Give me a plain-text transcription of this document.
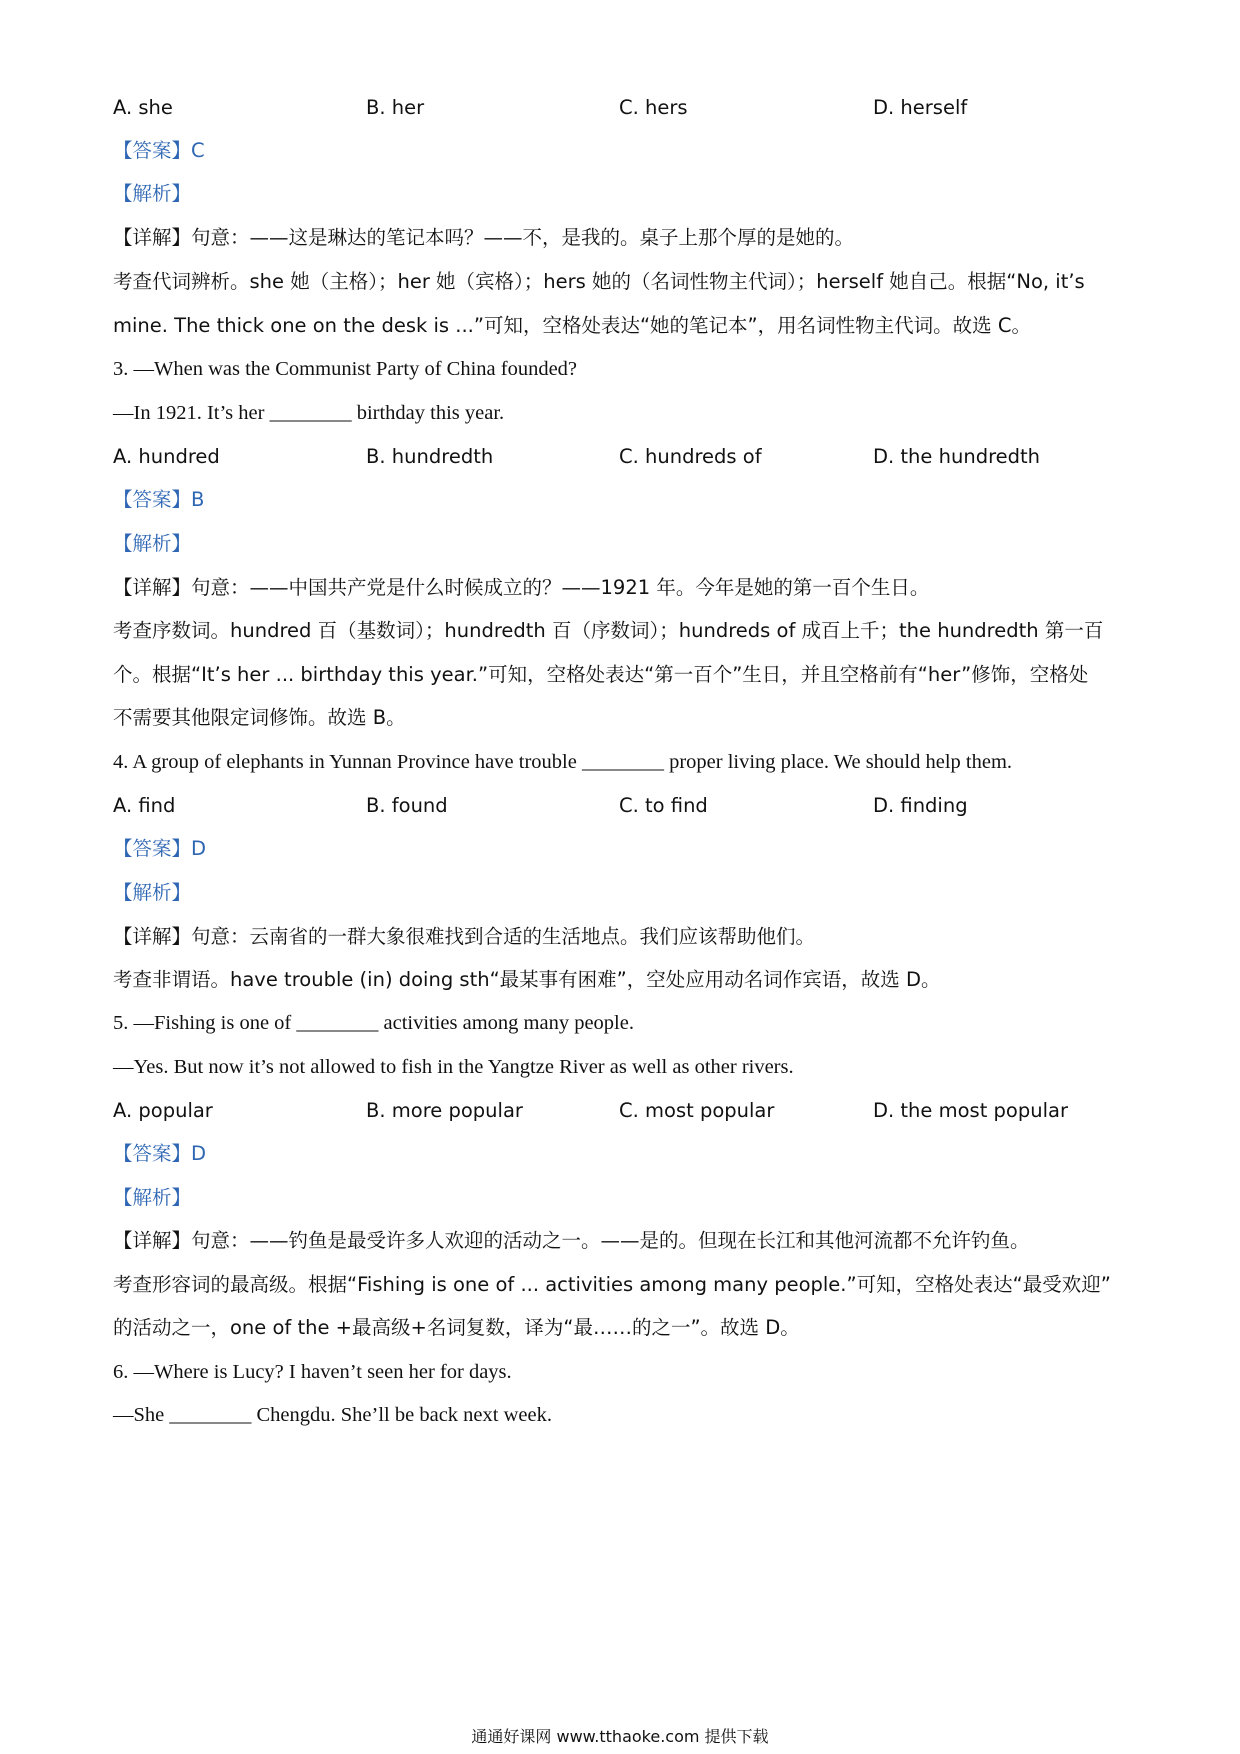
A. she	B. her	C. hers	D. herself
【答案】C
【解析】
【详解】句意：——这是琳达的笔记本吗？——不，是我的。桌子上那个厚的是她的。
考查代词辨析。she 她（主格）；her 她（宾格）；hers 她的（名词性物主代词）；herself 她自己。根据“No, it’s
mine. The thick one on the desk is ...”可知，空格处表达“她的笔记本”，用名词性物主代词。故选 C。
3. —When was the Communist Party of China founded?
—In 1921. It’s her ________ birthday this year.
A. hundred	B. hundredth	C. hundreds of	D. the hundredth
【答案】B
【解析】
【详解】句意：——中国共产党是什么时候成立的？——1921 年。今年是她的第一百个生日。
考查序数词。hundred 百（基数词）；hundredth 百（序数词）；hundreds of 成百上千；the hundredth 第一百
个。根据“It’s her ... birthday this year.”可知，空格处表达“第一百个”生日，并且空格前有“her”修饰，空格处
不需要其他限定词修饰。故选 B。
4. A group of elephants in Yunnan Province have trouble ________ proper living place. We should help them.
A. find	B. found	C. to find	D. finding
【答案】D
【解析】
【详解】句意：云南省的一群大象很难找到合适的生活地点。我们应该帮助他们。
考查非谓语。have trouble (in) doing sth“最某事有困难”，空处应用动名词作宾语，故选 D。
5. —Fishing is one of ________ activities among many people.
—Yes. But now it’s not allowed to fish in the Yangtze River as well as other rivers.
A. popular	B. more popular	C. most popular	D. the most popular
【答案】D
【解析】
【详解】句意：——钓鱼是最受许多人欢迎的活动之一。——是的。但现在长江和其他河流都不允许钓鱼。
考查形容词的最高级。根据“Fishing is one of ... activities among many people.”可知，空格处表达“最受欢迎”
的活动之一，one of the +最高级+名词复数，译为“最……的之一”。故选 D。
6. —Where is Lucy? I haven’t seen her for days.
—She ________ Chengdu. She’ll be back next week.
通通好课网 www.tthaoke.com 提供下载
